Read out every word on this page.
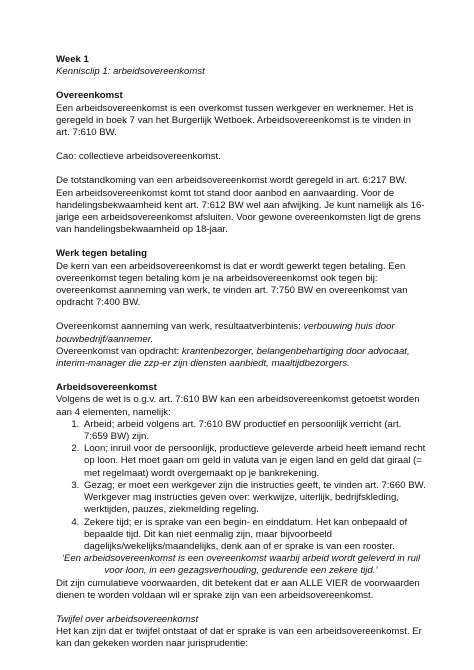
Week 1

Kennisclip 1: arbeidsovereenkomst

Overeenkomst

Een arbeidsovereenkomst is een overkomst tussen werkgever en werknemer. Het is geregeld in boek 7 van het Burgerlijk Wetboek. Arbeidsovereenkomst is te vinden in art. 7:610 BW.

Cao: collectieve arbeidsovereenkomst.

De totstandkoming van een arbeidsovereenkomst wordt geregeld in art. 6:217 BW. Een arbeidsovereenkomst komt tot stand door aanbod en aanvaarding. Voor de handelingsbekwaamheid kent art. 7:612 BW wel aan afwijking. Je kunt namelijk als 16-jarige een arbeidsovereenkomst afsluiten. Voor gewone overeenkomsten ligt de grens van handelingsbekwaamheid op 18-jaar.

Werk tegen betaling

De kern van een arbeidsovereenkomst is dat er wordt gewerkt tegen betaling. Een overeenkomst tegen betaling kom je na arbeidsovereenkomst ook tegen bij: overeenkomst aanneming van werk, te vinden art. 7:750 BW en overeenkomst van opdracht 7:400 BW.

Overeenkomst aanneming van werk, resultaatverbintenis: verbouwing huis door bouwbedrijf/aannemer.

Overeenkomst van opdracht: krantenbezorger, belangenbehartiging door advocaat, interim-manager die zzp-er zijn diensten aanbiedt, maaltijdbezorgers.

Arbeidsovereenkomst

Volgens de wet is o.g.v. art. 7:610 BW kan een arbeidsovereenkomst getoetst worden aan 4 elementen, namelijk:

1. Arbeid; arbeid volgens art. 7:610 BW productief en persoonlijk verricht (art. 7:659 BW) zijn.
2. Loon; inruil voor de persoonlijk, productieve geleverde arbeid heeft iemand recht op loon. Het moet gaan om geld in valuta van je eigen land en geld dat giraal (= met regelmaat) wordt overgemaakt op je bankrekening.
3. Gezag; er moet een werkgever zijn die instructies geeft, te vinden art. 7:660 BW. Werkgever mag instructies geven over: werkwijze, uiterlijk, bedrijfskleding, werktijden, pauzes, ziekmelding regeling.
4. Zekere tijd; er is sprake van een begin- en einddatum. Het kan onbepaald of bepaalde tijd. Dit kan niet eenmalig zijn, maar bijvoorbeeld dagelijks/wekelijks/maandelijks, denk aan of er sprake is van een rooster.

‘Een arbeidsovereenkomst is een overeenkomst waarbij arbeid wordt geleverd in ruil voor loon, in een gezagsverhouding, gedurende een zekere tijd.’

Dit zijn cumulatieve voorwaarden, dit betekent dat er aan ALLE VIER de voorwaarden dienen te worden voldaan wil er sprake zijn van een arbeidsovereenkomst.

Twijfel over arbeidsovereenkomst

Het kan zijn dat er twijfel ontstaat of dat er sprake is van een arbeidsovereenkomst. Er kan dan gekeken worden naar jurisprudentie:
